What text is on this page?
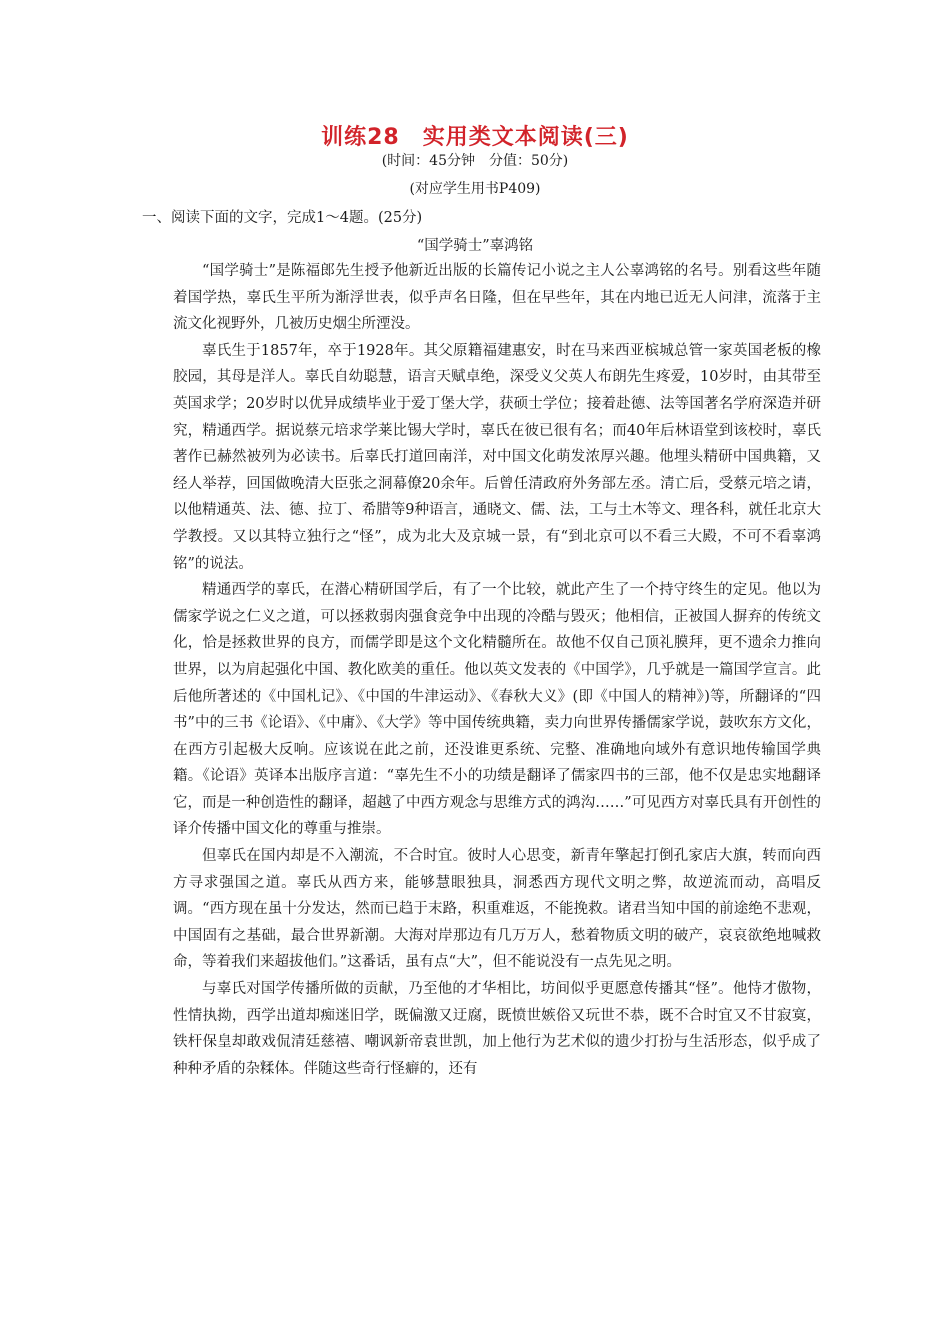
训练28　实用类文本阅读(三)
(时间：45分钟　分值：50分)
(对应学生用书P409)
一、阅读下面的文字，完成1～4题。(25分)
“国学骑士”辜鸿铭

“国学骑士”是陈福郎先生授予他新近出版的长篇传记小说之主人公辜鸿铭的名号。别看这些年随着国学热，辜氏生平所为渐浮世表，似乎声名日隆，但在早些年，其在内地已近无人问津，流落于主流文化视野外，几被历史烟尘所湮没。

辜氏生于1857年，卒于1928年。其父原籍福建惠安，时在马来西亚槟城总管一家英国老板的橡胶园，其母是洋人。辜氏自幼聪慧，语言天赋卓绝，深受义父英人布朗先生疼爱，10岁时，由其带至英国求学；20岁时以优异成绩毕业于爱丁堡大学，获硕士学位；接着赴德、法等国著名学府深造并研究，精通西学。据说蔡元培求学莱比锡大学时，辜氏在彼已很有名；而40年后林语堂到该校时，辜氏著作已赫然被列为必读书。后辜氏打道回南洋，对中国文化萌发浓厚兴趣。他埋头精研中国典籍，又经人举荐，回国做晚清大臣张之洞幕僚20余年。后曾任清政府外务部左丞。清亡后，受蔡元培之请，以他精通英、法、德、拉丁、希腊等9种语言，通晓文、儒、法，工与土木等文、理各科，就任北京大学教授。又以其特立独行之“怪”，成为北大及京城一景，有“到北京可以不看三大殿，不可不看辜鸿铭”的说法。

精通西学的辜氏，在潜心精研国学后，有了一个比较，就此产生了一个持守终生的定见。他以为儒家学说之仁义之道，可以拯救弱肉强食竞争中出现的冷酷与毁灭；他相信，正被国人摒弃的传统文化，恰是拯救世界的良方，而儒学即是这个文化精髓所在。故他不仅自己顶礼膜拜，更不遗余力推向世界，以为肩起强化中国、教化欧美的重任。他以英文发表的《中国学》，几乎就是一篇国学宣言。此后他所著述的《中国札记》、《中国的牛津运动》、《春秋大义》(即《中国人的精神》)等，所翻译的“四书”中的三书《论语》、《中庸》、《大学》等中国传统典籍，卖力向世界传播儒家学说，鼓吹东方文化，在西方引起极大反响。应该说在此之前，还没谁更系统、完整、准确地向域外有意识地传输国学典籍。《论语》英译本出版序言道：“辜先生不小的功绩是翻译了儒家四书的三部，他不仅是忠实地翻译它，而是一种创造性的翻译，超越了中西方观念与思维方式的鸿沟……”可见西方对辜氏具有开创性的译介传播中国文化的尊重与推崇。

但辜氏在国内却是不入潮流，不合时宜。彼时人心思变，新青年擎起打倒孔家店大旗，转而向西方寻求强国之道。辜氏从西方来，能够慧眼独具，洞悉西方现代文明之弊，故逆流而动，高唱反调。“西方现在虽十分发达，然而已趋于末路，积重难返，不能挽救。诸君当知中国的前途绝不悲观，中国固有之基础，最合世界新潮。大海对岸那边有几万万人，愁着物质文明的破产，哀哀欲绝地喊救命，等着我们来超拔他们。”这番话，虽有点“大”，但不能说没有一点先见之明。

与辜氏对国学传播所做的贡献，乃至他的才华相比，坊间似乎更愿意传播其“怪”。他恃才傲物，性情执拗，西学出道却痴迷旧学，既偏激又迂腐，既愤世嫉俗又玩世不恭，既不合时宜又不甘寂寞，铁杆保皇却敢戏侃清廷慈禧、嘲讽新帝袁世凯，加上他行为艺术似的遗少打扮与生活形态，似乎成了种种矛盾的杂糅体。伴随这些奇行怪癖的，还有
